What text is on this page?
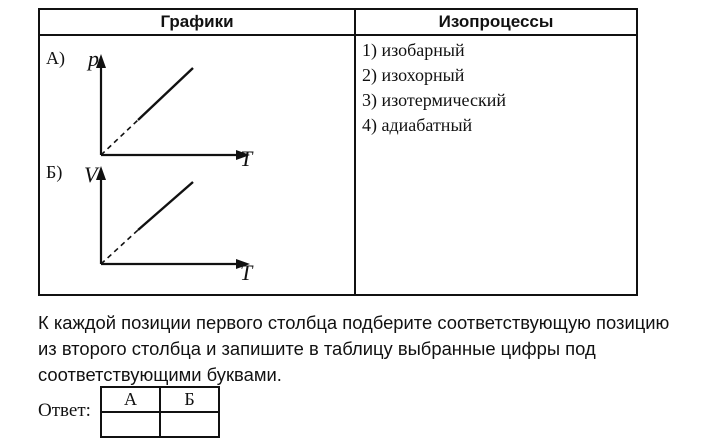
Графики	Изопроцессы
А)
Б)
p
T
V
T
1) изобарный
2) изохорный
3) изотермический
4) адиабатный
К каждой позиции первого столбца подберите соответствующую позицию из второго столбца и запишите в таблицу выбранные цифры под соответствующими буквами.
Ответ:
А	Б
